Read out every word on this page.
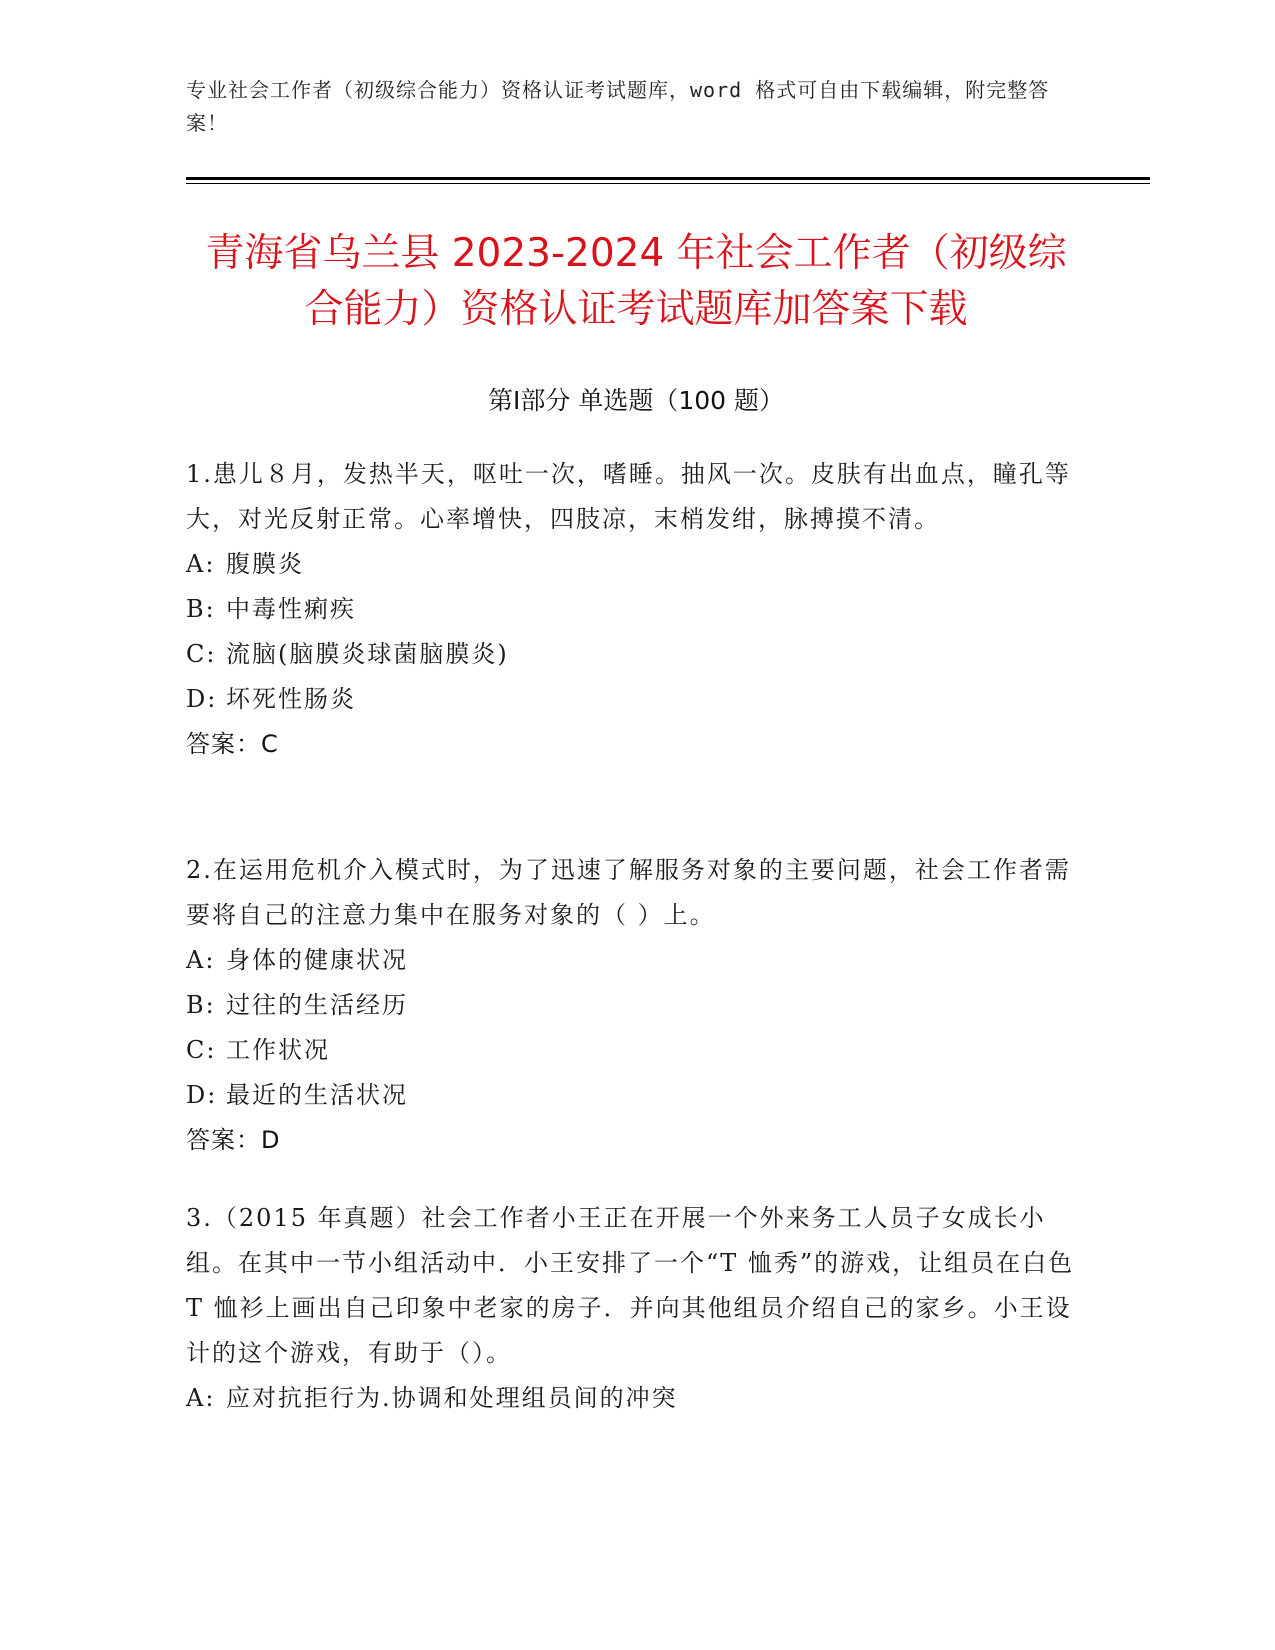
专业社会工作者（初级综合能力）资格认证考试题库，word 格式可自由下载编辑，附完整答案！
青海省乌兰县 2023-2024 年社会工作者（初级综合能力）资格认证考试题库加答案下载
第Ⅰ部分 单选题（100 题）
1.患儿８月，发热半天，呕吐一次，嗜睡。抽风一次。皮肤有出血点，瞳孔等大，对光反射正常。心率增快，四肢凉，末梢发绀，脉搏摸不清。
A: 腹膜炎
B: 中毒性痢疾
C: 流脑(脑膜炎球菌脑膜炎)
D: 坏死性肠炎
答案：C
2.在运用危机介入模式时，为了迅速了解服务对象的主要问题，社会工作者需要将自己的注意力集中在服务对象的（ ）上。
A: 身体的健康状况
B: 过往的生活经历
C: 工作状况
D: 最近的生活状况
答案：D
3.（2015 年真题）社会工作者小王正在开展一个外来务工人员子女成长小组。在其中一节小组活动中．小王安排了一个“T 恤秀”的游戏，让组员在白色 T 恤衫上画出自己印象中老家的房子．并向其他组员介绍自己的家乡。小王设计的这个游戏，有助于（）。
A: 应对抗拒行为.协调和处理组员间的冲突
